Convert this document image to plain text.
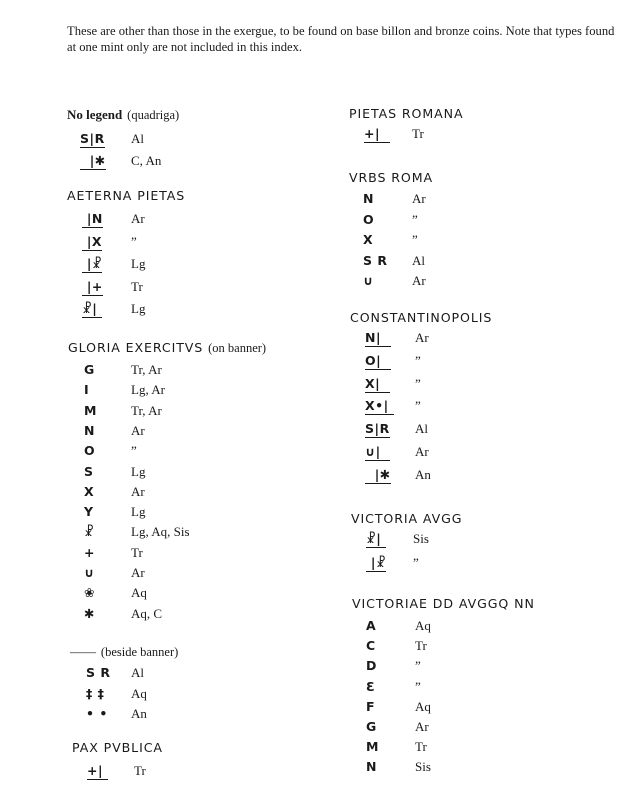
These are other than those in the exergue, to be found on base billon and bronze coins. Note that types found at one mint only are not included in this index.
No legend (quadriga)
S|R Al
|✱ C, An
AETERNA PIETAS
|N Ar
|X ”
|☧ Lg
|+ Tr
☧| Lg
GLORIA EXERCITVS (on banner)
G	Tr, Ar
I	Lg, Ar
M	Tr, Ar
N	Ar
O	”
S	Lg
X	Ar
Y	Lg
☧	Lg, Aq, Sis
+	Tr
∪	Ar
❀	Aq
✱	Aq, C
—— (beside banner)
S R Al
‡ ‡ Aq
• • An
PAX PVBLICA
+| Tr
PIETAS ROMANA
+| Tr
VRBS ROMA
N	Ar
O	”
X	”
S R Al
∪	Ar
CONSTANTINOPOLIS
N| Ar
O| ”
X| ”
X•| ”
S|R Al
∪| Ar
|✱ An
VICTORIA AVGG
☧| Sis
|☧ ”
VICTORIAE DD AVGGQ NN
A	Aq
C	Tr
D	”
Ɛ	”
F	Aq
G	Ar
M	Tr
N	Sis
